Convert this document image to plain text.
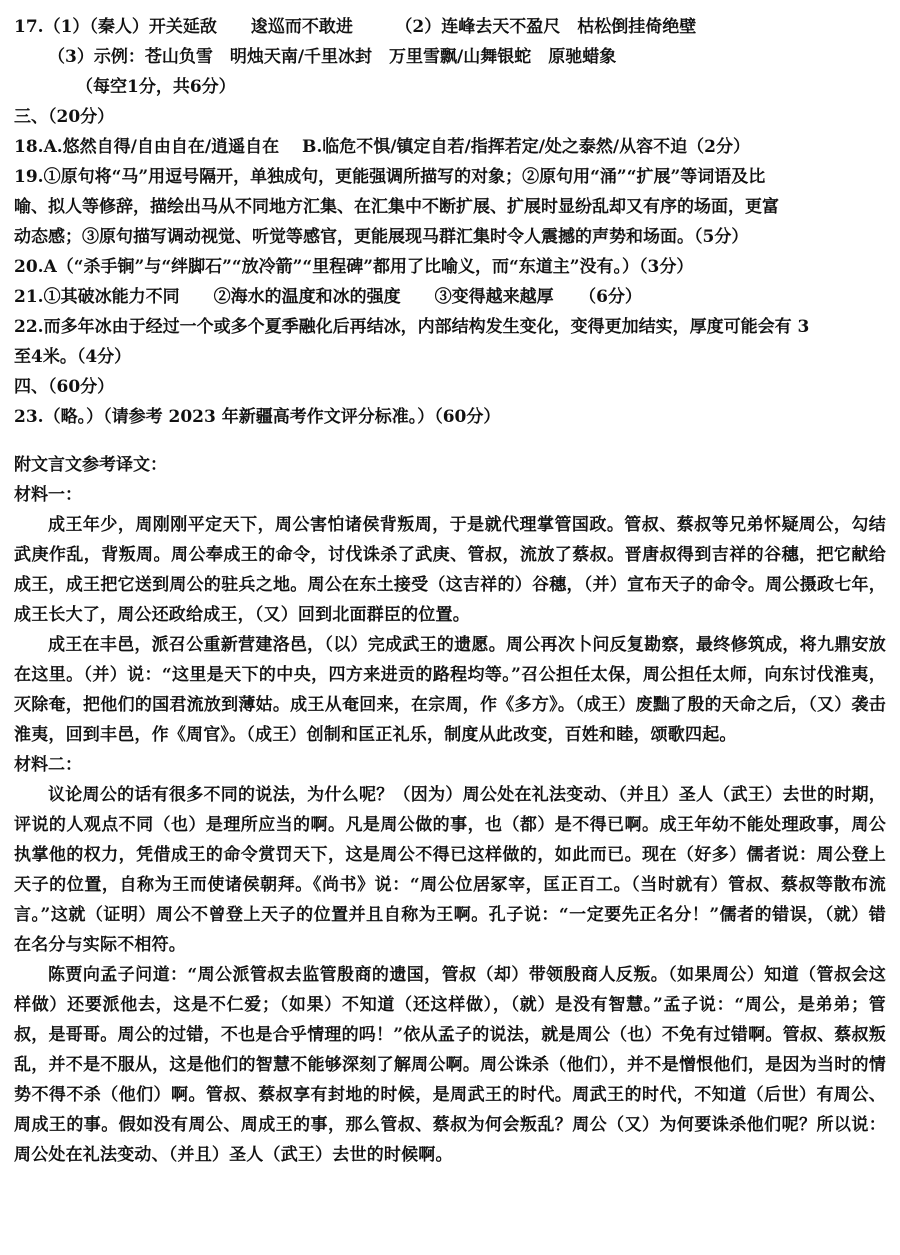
17.（1）（秦人）开关延敌　　逡巡而不敢进　　　（2）连峰去天不盈尺　枯松倒挂倚绝壁
（3）示例：苍山负雪　明烛天南/千里冰封　万里雪飘/山舞银蛇　原驰蜡象
（每空1分，共6分）
三、（20分）
18.A.悠然自得/自由自在/逍遥自在　 B.临危不惧/镇定自若/指挥若定/处之泰然/从容不迫（2分）
19.①原句将“马”用逗号隔开，单独成句，更能强调所描写的对象；②原句用“涌”“扩展”等词语及比
喻、拟人等修辞，描绘出马从不同地方汇集、在汇集中不断扩展、扩展时显纷乱却又有序的场面，更富
动态感；③原句描写调动视觉、听觉等感官，更能展现马群汇集时令人震撼的声势和场面。（5分）
20.A（“杀手锏”与“绊脚石”“放冷箭”“里程碑”都用了比喻义，而“东道主”没有。）（3分）
21.①其破冰能力不同　　②海水的温度和冰的强度　　③变得越来越厚　　（6分）
22.而多年冰由于经过一个或多个夏季融化后再结冰，内部结构发生变化，变得更加结实，厚度可能会有 3
至4米。（4分）
四、（60分）
23.（略。）（请参考 2023 年新疆高考作文评分标准。）（60分）
附文言文参考译文：
材料一：

成王年少，周刚刚平定天下，周公害怕诸侯背叛周，于是就代理掌管国政。管叔、蔡叔等兄弟怀疑周公，勾结武庚作乱，背叛周。周公奉成王的命令，讨伐诛杀了武庚、管叔，流放了蔡叔。晋唐叔得到吉祥的谷穗，把它献给成王，成王把它送到周公的驻兵之地。周公在东土接受（这吉祥的）谷穗，（并）宣布天子的命令。周公摄政七年，成王长大了，周公还政给成王，（又）回到北面群臣的位置。

成王在丰邑，派召公重新营建洛邑，（以）完成武王的遗愿。周公再次卜问反复勘察，最终修筑成，将九鼎安放在这里。（并）说：“这里是天下的中央，四方来进贡的路程均等。”召公担任太保，周公担任太师，向东讨伐淮夷，灭除奄，把他们的国君流放到薄姑。成王从奄回来，在宗周，作《多方》。（成王）废黜了殷的天命之后，（又）袭击淮夷，回到丰邑，作《周官》。（成王）创制和匡正礼乐，制度从此改变，百姓和睦，颂歌四起。

材料二：

议论周公的话有很多不同的说法，为什么呢？（因为）周公处在礼法变动、（并且）圣人（武王）去世的时期，评说的人观点不同（也）是理所应当的啊。凡是周公做的事，也（都）是不得已啊。成王年幼不能处理政事，周公执掌他的权力，凭借成王的命令赏罚天下，这是周公不得已这样做的，如此而已。现在（好多）儒者说：周公登上天子的位置，自称为王而使诸侯朝拜。《尚书》说：“周公位居冢宰，匡正百工。（当时就有）管叔、蔡叔等散布流言。”这就（证明）周公不曾登上天子的位置并且自称为王啊。孔子说：“一定要先正名分！”儒者的错误，（就）错在名分与实际不相符。

陈贾向孟子问道：“周公派管叔去监管殷商的遗国，管叔（却）带领殷商人反叛。（如果周公）知道（管叔会这样做）还要派他去，这是不仁爱；（如果）不知道（还这样做），（就）是没有智慧。”孟子说：“周公，是弟弟；管叔，是哥哥。周公的过错，不也是合乎情理的吗！”依从孟子的说法，就是周公（也）不免有过错啊。管叔、蔡叔叛乱，并不是不服从，这是他们的智慧不能够深刻了解周公啊。周公诛杀（他们），并不是憎恨他们，是因为当时的情势不得不杀（他们）啊。管叔、蔡叔享有封地的时候，是周武王的时代。周武王的时代，不知道（后世）有周公、周成王的事。假如没有周公、周成王的事，那么管叔、蔡叔为何会叛乱？周公（又）为何要诛杀他们呢？所以说：周公处在礼法变动、（并且）圣人（武王）去世的时候啊。
